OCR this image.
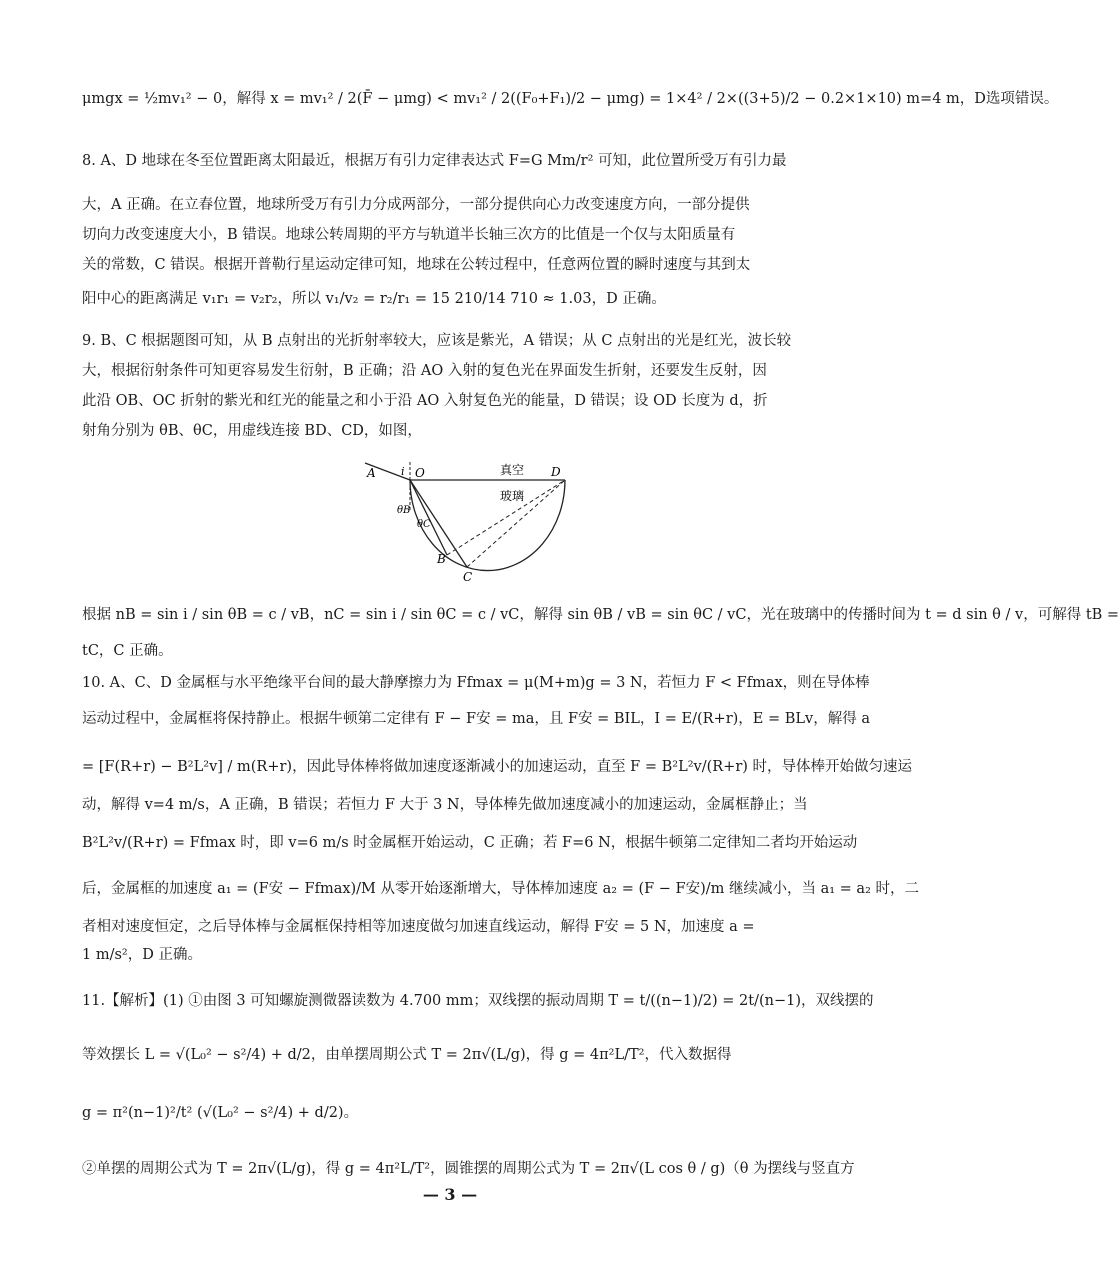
μmgx = ½mv₁² − 0，解得 x = mv₁² / 2(F̄ − μmg) < mv₁² / 2((F₀+F₁)/2 − μmg) = 1×4² / 2×((3+5)/2 − 0.2×1×10) m=4 m，D选项错误。
8. A、D 地球在冬至位置距离太阳最近，根据万有引力定律表达式 F=G Mm/r² 可知，此位置所受万有引力最
大，A 正确。在立春位置，地球所受万有引力分成两部分，一部分提供向心力改变速度方向，一部分提供
切向力改变速度大小，B 错误。地球公转周期的平方与轨道半长轴三次方的比值是一个仅与太阳质量有
关的常数，C 错误。根据开普勒行星运动定律可知，地球在公转过程中，任意两位置的瞬时速度与其到太
阳中心的距离满足 v₁r₁ = v₂r₂，所以 v₁/v₂ = r₂/r₁ = 15 210/14 710 ≈ 1.03，D 正确。
9. B、C 根据题图可知，从 B 点射出的光折射率较大，应该是紫光，A 错误；从 C 点射出的光是红光，波长较
大，根据衍射条件可知更容易发生衍射，B 正确；沿 AO 入射的复色光在界面发生折射，还要发生反射，因
此沿 OB、OC 折射的紫光和红光的能量之和小于沿 AO 入射复色光的能量，D 错误；设 OD 长度为 d，折
射角分别为 θB、θC，用虚线连接 BD、CD，如图，
A i O	真空 D
玻璃
θB
θC
B
C
根据 nB = sin i / sin θB = c / vB，nC = sin i / sin θC = c / vC，解得 sin θB / vB = sin θC / vC，光在玻璃中的传播时间为 t = d sin θ / v，可解得 tB =
tC，C 正确。
10. A、C、D 金属框与水平绝缘平台间的最大静摩擦力为 Ffmax = μ(M+m)g = 3 N，若恒力 F < Ffmax，则在导体棒
运动过程中，金属框将保持静止。根据牛顿第二定律有 F − F安 = ma，且 F安 = BIL，I = E/(R+r)，E = BLv，解得 a
= [F(R+r) − B²L²v] / m(R+r)，因此导体棒将做加速度逐渐减小的加速运动，直至 F = B²L²v/(R+r) 时，导体棒开始做匀速运
动，解得 v=4 m/s，A 正确，B 错误；若恒力 F 大于 3 N，导体棒先做加速度减小的加速运动，金属框静止；当
B²L²v/(R+r) = Ffmax 时，即 v=6 m/s 时金属框开始运动，C 正确；若 F=6 N，根据牛顿第二定律知二者均开始运动
后，金属框的加速度 a₁ = (F安 − Ffmax)/M 从零开始逐渐增大，导体棒加速度 a₂ = (F − F安)/m 继续减小，当 a₁ = a₂ 时，二
者相对速度恒定，之后导体棒与金属框保持相等加速度做匀加速直线运动，解得 F安 = 5 N，加速度 a =
1 m/s²，D 正确。
11.【解析】(1) ①由图 3 可知螺旋测微器读数为 4.700 mm；双线摆的振动周期 T = t/((n−1)/2) = 2t/(n−1)，双线摆的
等效摆长 L = √(L₀² − s²/4) + d/2，由单摆周期公式 T = 2π√(L/g)，得 g = 4π²L/T²，代入数据得
g = π²(n−1)²/t² (√(L₀² − s²/4) + d/2)。
②单摆的周期公式为 T = 2π√(L/g)，得 g = 4π²L/T²，圆锥摆的周期公式为 T = 2π√(L cos θ / g)（θ 为摆线与竖直方
— 3 —
